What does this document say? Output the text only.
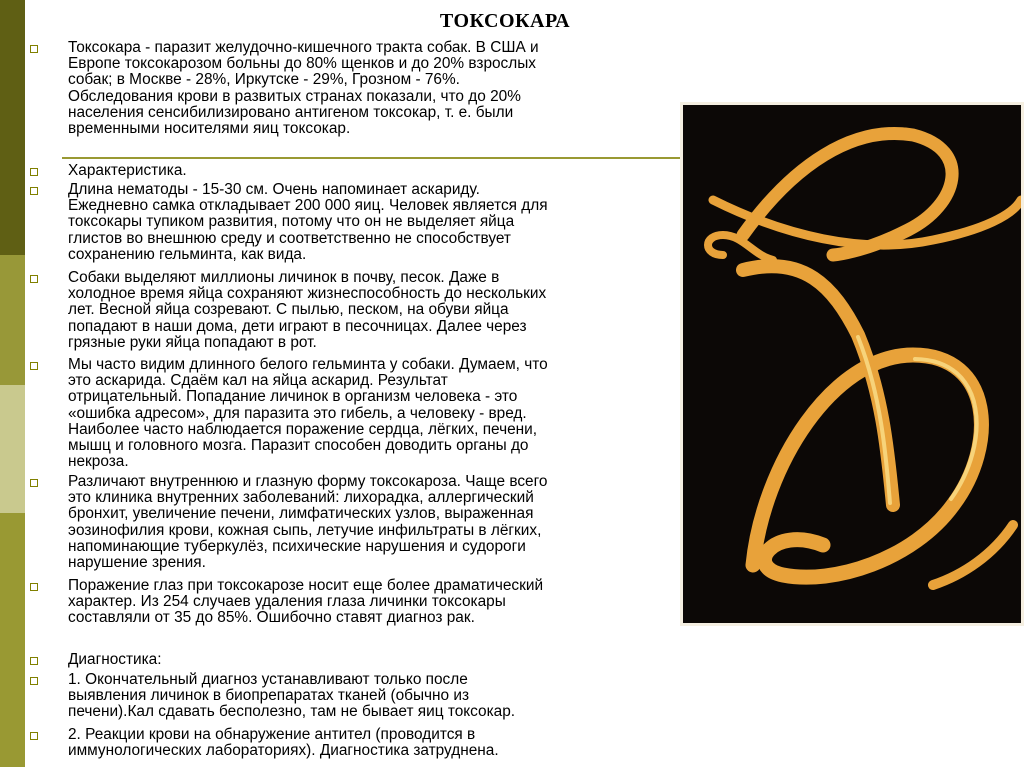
ТОКСОКАРА
Токсокара - паразит желудочно-кишечного тракта собак. В США и
Европе токсокарозом больны до 80% щенков и до 20% взрослых
собак; в Москве - 28%, Иркутске - 29%, Грозном - 76%.
Обследования крови в развитых странах показали, что до 20%
населения сенсибилизировано антигеном токсокар, т. е. были
временными носителями яиц токсокар.
Характеристика.
Длина нематоды - 15-30 см. Очень напоминает аскариду.
Ежедневно самка откладывает 200 000 яиц. Человек является для
токсокары тупиком развития, потому что он не выделяет яйца
глистов во внешнюю среду и соответственно не способствует
сохранению гельминта, как вида.
Собаки выделяют миллионы личинок в почву, песок. Даже в
холодное время яйца сохраняют жизнеспособность до нескольких
лет. Весной яйца созревают. С пылью, песком, на обуви яйца
попадают в наши дома, дети играют в песочницах. Далее через
грязные руки яйца попадают в рот.
Мы часто видим длинного белого гельминта у собаки. Думаем, что
это аскарида. Сдаём кал на яйца аскарид. Результат
отрицательный. Попадание личинок в организм человека - это
«ошибка адресом», для паразита это гибель, а человеку - вред.
Наиболее часто наблюдается поражение сердца, лёгких, печени,
мышц и головного мозга. Паразит способен доводить органы до
некроза.
Различают внутреннюю и глазную форму токсокароза. Чаще всего
это клиника внутренних заболеваний: лихорадка, аллергический
бронхит, увеличение печени, лимфатических узлов, выраженная
эозинофилия крови, кожная сыпь, летучие инфильтраты в лёгких,
напоминающие туберкулёз, психические нарушения и судороги
нарушение зрения.
Поражение глаз при токсокарозе носит еще более драматический
характер. Из 254 случаев удаления глаза личинки токсокары
составляли от 35 до 85%. Ошибочно ставят диагноз рак.
Диагностика:
1. Окончательный диагноз устанавливают только после
выявления личинок в биопрепаратах тканей (обычно из
печени).Кал сдавать бесполезно, там не бывает яиц токсокар.
2. Реакции крови на обнаружение антител (проводится в
иммунологических лабораториях). Диагностика затруднена.
